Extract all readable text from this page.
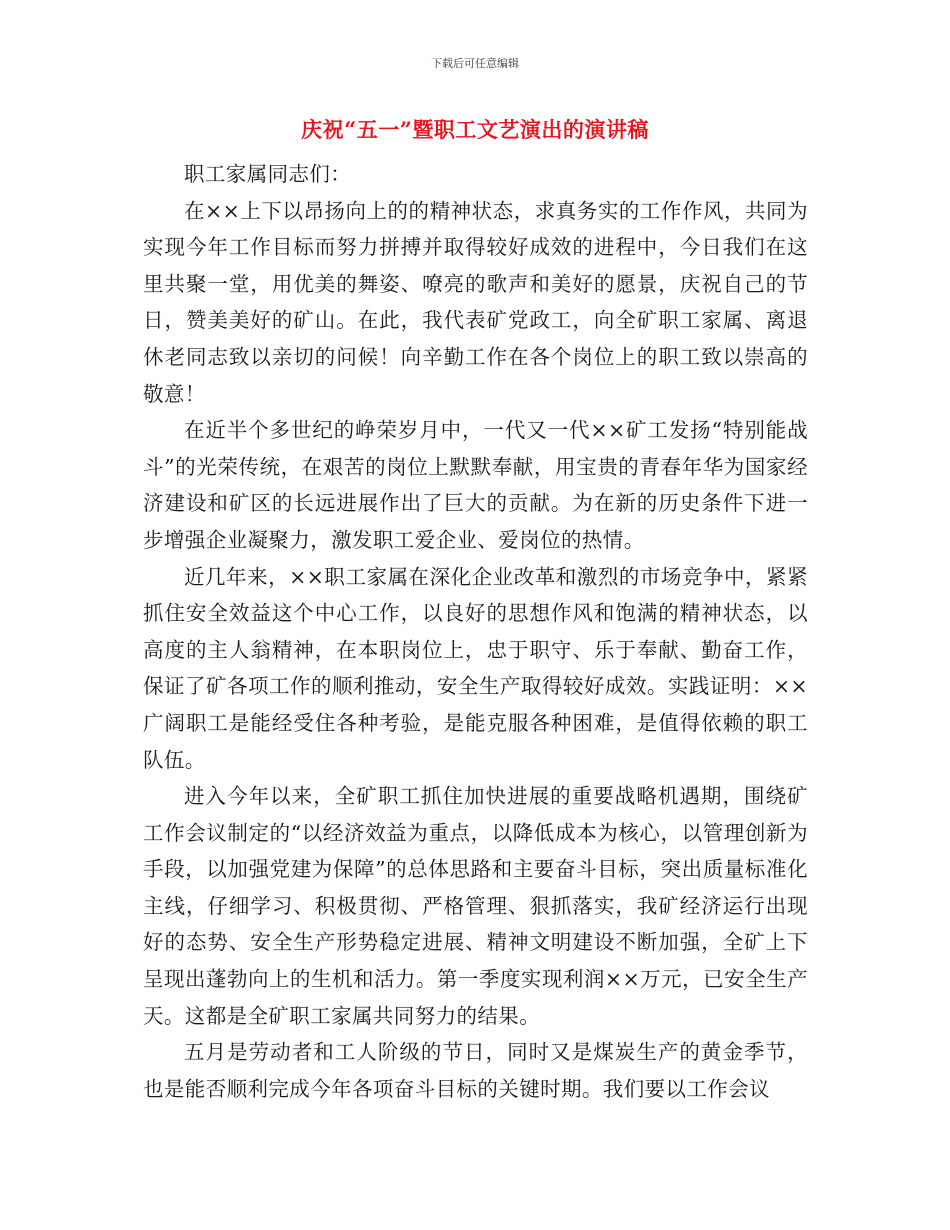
下载后可任意编辑
庆祝“五一”暨职工文艺演出的演讲稿

职工家属同志们：

在××上下以昂扬向上的的精神状态，求真务实的工作作风，共同为实现今年工作目标而努力拼搏并取得较好成效的进程中，今日我们在这里共聚一堂，用优美的舞姿、嘹亮的歌声和美好的愿景，庆祝自己的节日，赞美美好的矿山。在此，我代表矿党政工，向全矿职工家属、离退休老同志致以亲切的问候！向辛勤工作在各个岗位上的职工致以崇高的敬意！

在近半个多世纪的峥荣岁月中，一代又一代××矿工发扬“特别能战斗”的光荣传统，在艰苦的岗位上默默奉献，用宝贵的青春年华为国家经济建设和矿区的长远进展作出了巨大的贡献。为在新的历史条件下进一步增强企业凝聚力，激发职工爱企业、爱岗位的热情。

近几年来，××职工家属在深化企业改革和激烈的市场竞争中，紧紧抓住安全效益这个中心工作，以良好的思想作风和饱满的精神状态，以高度的主人翁精神，在本职岗位上，忠于职守、乐于奉献、勤奋工作，保证了矿各项工作的顺利推动，安全生产取得较好成效。实践证明：××广阔职工是能经受住各种考验，是能克服各种困难，是值得依赖的职工队伍。

进入今年以来，全矿职工抓住加快进展的重要战略机遇期，围绕矿工作会议制定的“以经济效益为重点，以降低成本为核心，以管理创新为手段，以加强党建为保障”的总体思路和主要奋斗目标，突出质量标准化主线，仔细学习、积极贯彻、严格管理、狠抓落实，我矿经济运行出现好的态势、安全生产形势稳定进展、精神文明建设不断加强，全矿上下呈现出蓬勃向上的生机和活力。第一季度实现利润××万元，已安全生产　　天。这都是全矿职工家属共同努力的结果。

五月是劳动者和工人阶级的节日，同时又是煤炭生产的黄金季节，也是能否顺利完成今年各项奋斗目标的关键时期。我们要以工作会议
